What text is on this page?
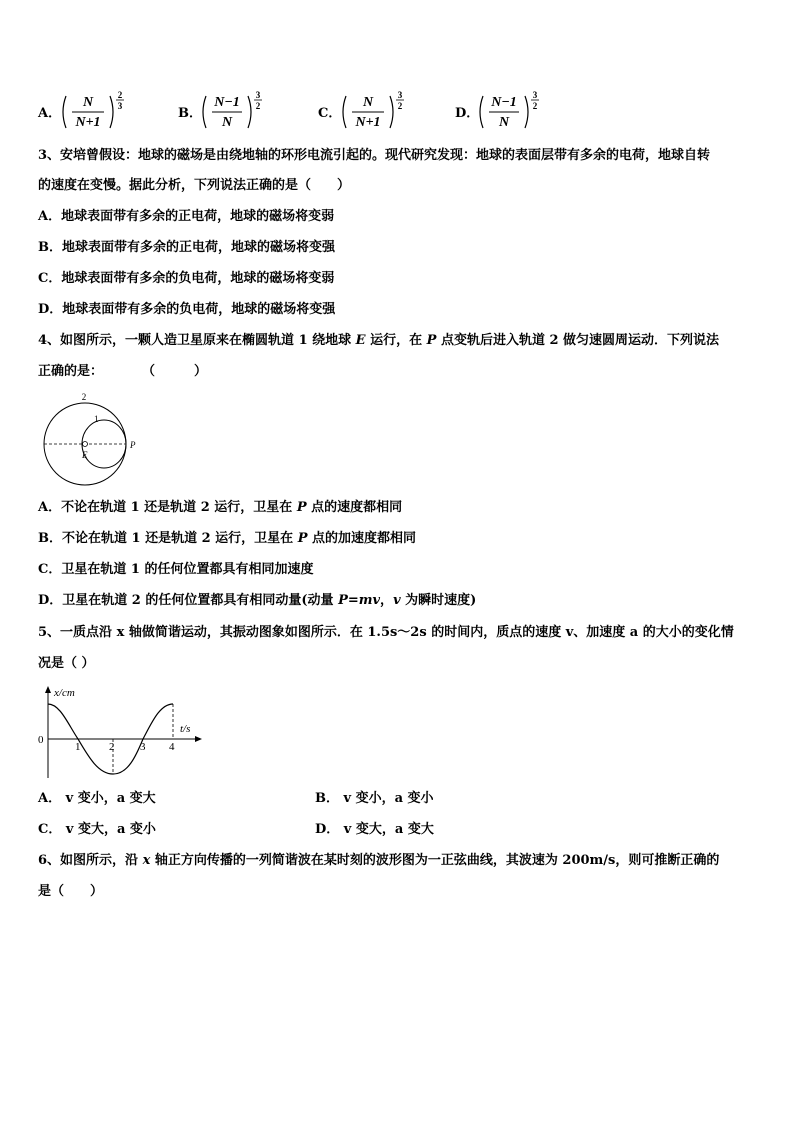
A．
N
N+1
2
3	B．
N−1
N
3
2	C．
N
N+1
3
2	D．
N−1
N
3
2
3、安培曾假设：地球的磁场是由绕地轴的环形电流引起的。现代研究发现：地球的表面层带有多余的电荷，地球自转
的速度在变慢。据此分析，下列说法正确的是（　　）
A．地球表面带有多余的正电荷，地球的磁场将变弱
B．地球表面带有多余的正电荷，地球的磁场将变强
C．地球表面带有多余的负电荷，地球的磁场将变弱
D．地球表面带有多余的负电荷，地球的磁场将变强
4、如图所示，一颗人造卫星原来在椭圆轨道 1 绕地球 E 运行，在 P 点变轨后进入轨道 2 做匀速圆周运动．下列说法
正确的是：　　　　（　　　）
2
1
E
P
A．不论在轨道 1 还是轨道 2 运行，卫星在 P 点的速度都相同
B．不论在轨道 1 还是轨道 2 运行，卫星在 P 点的加速度都相同
C．卫星在轨道 1 的任何位置都具有相同加速度
D．卫星在轨道 2 的任何位置都具有相同动量(动量 P=mv，v 为瞬时速度)
5、一质点沿 x 轴做简谐运动，其振动图象如图所示．在 1.5s～2s 的时间内，质点的速度 v、加速度 a 的大小的变化情
况是（ ）
x/cm
t/s
0
1	2 3 4
A． v 变小，a 变大	B． v 变小，a 变小
C． v 变大，a 变小	D． v 变大，a 变大
6、如图所示，沿 x 轴正方向传播的一列简谐波在某时刻的波形图为一正弦曲线，其波速为 200m/s，则可推断正确的
是（　　）
